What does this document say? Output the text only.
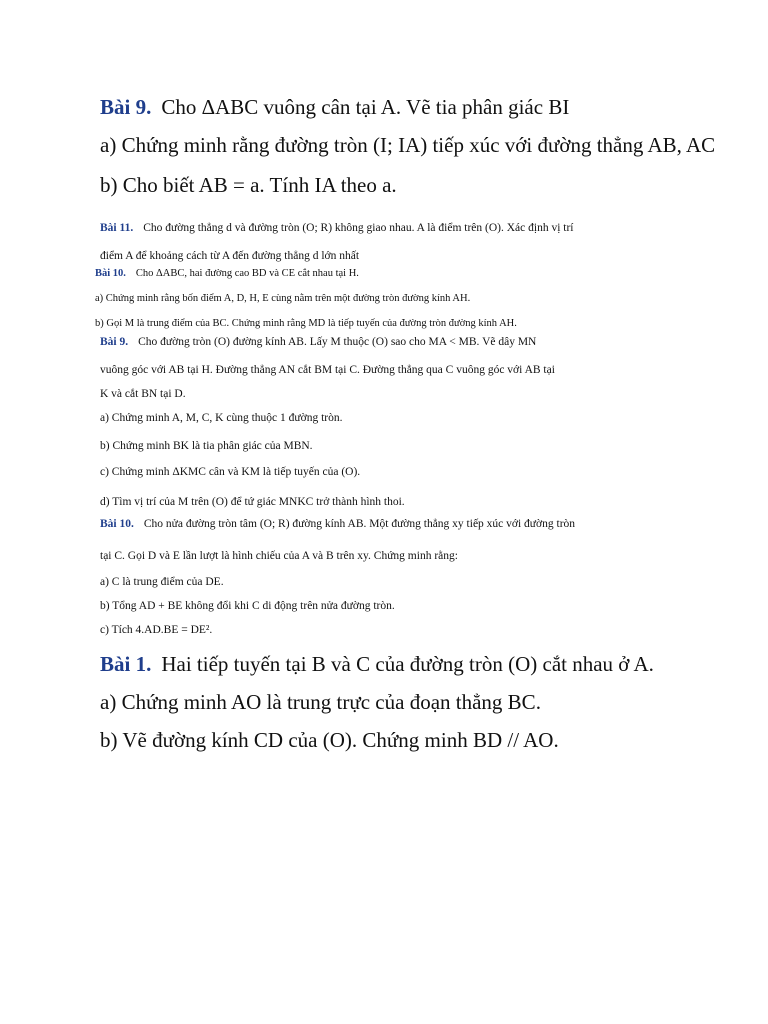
Bài 9. Cho ΔABC vuông cân tại A. Vẽ tia phân giác BI
a) Chứng minh rằng đường tròn (I; IA) tiếp xúc với đường thẳng AB, AC
b) Cho biết AB = a. Tính IA theo a.
Bài 11. Cho đường thẳng d và đường tròn (O; R) không giao nhau. A là điểm trên (O). Xác định vị trí
điểm A để khoảng cách từ A đến đường thẳng d lớn nhất
Bài 10. Cho ΔABC, hai đường cao BD và CE cắt nhau tại H.
a) Chứng minh rằng bốn điểm A, D, H, E cùng nằm trên một đường tròn đường kính AH.
b) Gọi M là trung điểm của BC. Chứng minh rằng MD là tiếp tuyến của đường tròn đường kính AH.
Bài 9. Cho đường tròn (O) đường kính AB. Lấy M thuộc (O) sao cho MA < MB. Vẽ dây MN
vuông góc với AB tại H. Đường thẳng AN cắt BM tại C. Đường thẳng qua C vuông góc với AB tại
K và cắt BN tại D.
a) Chứng minh A, M, C, K cùng thuộc 1 đường tròn.
b) Chứng minh BK là tia phân giác của MBN.
c) Chứng minh ΔKMC cân và KM là tiếp tuyến của (O).
d) Tìm vị trí của M trên (O) để tứ giác MNKC trở thành hình thoi.
Bài 10. Cho nửa đường tròn tâm (O; R) đường kính AB. Một đường thẳng xy tiếp xúc với đường tròn
tại C. Gọi D và E lần lượt là hình chiếu của A và B trên xy. Chứng minh rằng:
a) C là trung điểm của DE.
b) Tổng AD + BE không đổi khi C di động trên nửa đường tròn.
c) Tích 4.AD.BE = DE².
Bài 1. Hai tiếp tuyến tại B và C của đường tròn (O) cắt nhau ở A.
a) Chứng minh AO là trung trực của đoạn thẳng BC.
b) Vẽ đường kính CD của (O). Chứng minh BD // AO.
